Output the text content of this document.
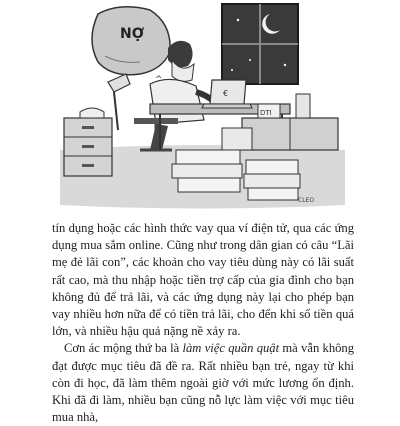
NỢ
^
€
DTI
CLEO

tín dụng hoặc các hình thức vay qua ví điện tử, qua các ứng dụng mua sắm online. Cũng như trong dân gian có câu “Lãi mẹ đẻ lãi con”, các khoản cho vay tiêu dùng này có lãi suất rất cao, mà thu nhập hoặc tiền trợ cấp của gia đình cho bạn không đủ để trả lãi, và các ứng dụng này lại cho phép bạn vay nhiều hơn nữa để có tiền trả lãi, cho đến khi số tiền quá lớn, và nhiều hậu quả nặng nề xảy ra.

Cơn ác mộng thứ ba là làm việc quần quật mà vẫn không đạt được mục tiêu đã đề ra. Rất nhiều bạn trẻ, ngay từ khi còn đi học, đã làm thêm ngoài giờ với mức lương ổn định. Khi đã đi làm, nhiều bạn cũng nỗ lực làm việc với mục tiêu mua nhà,
